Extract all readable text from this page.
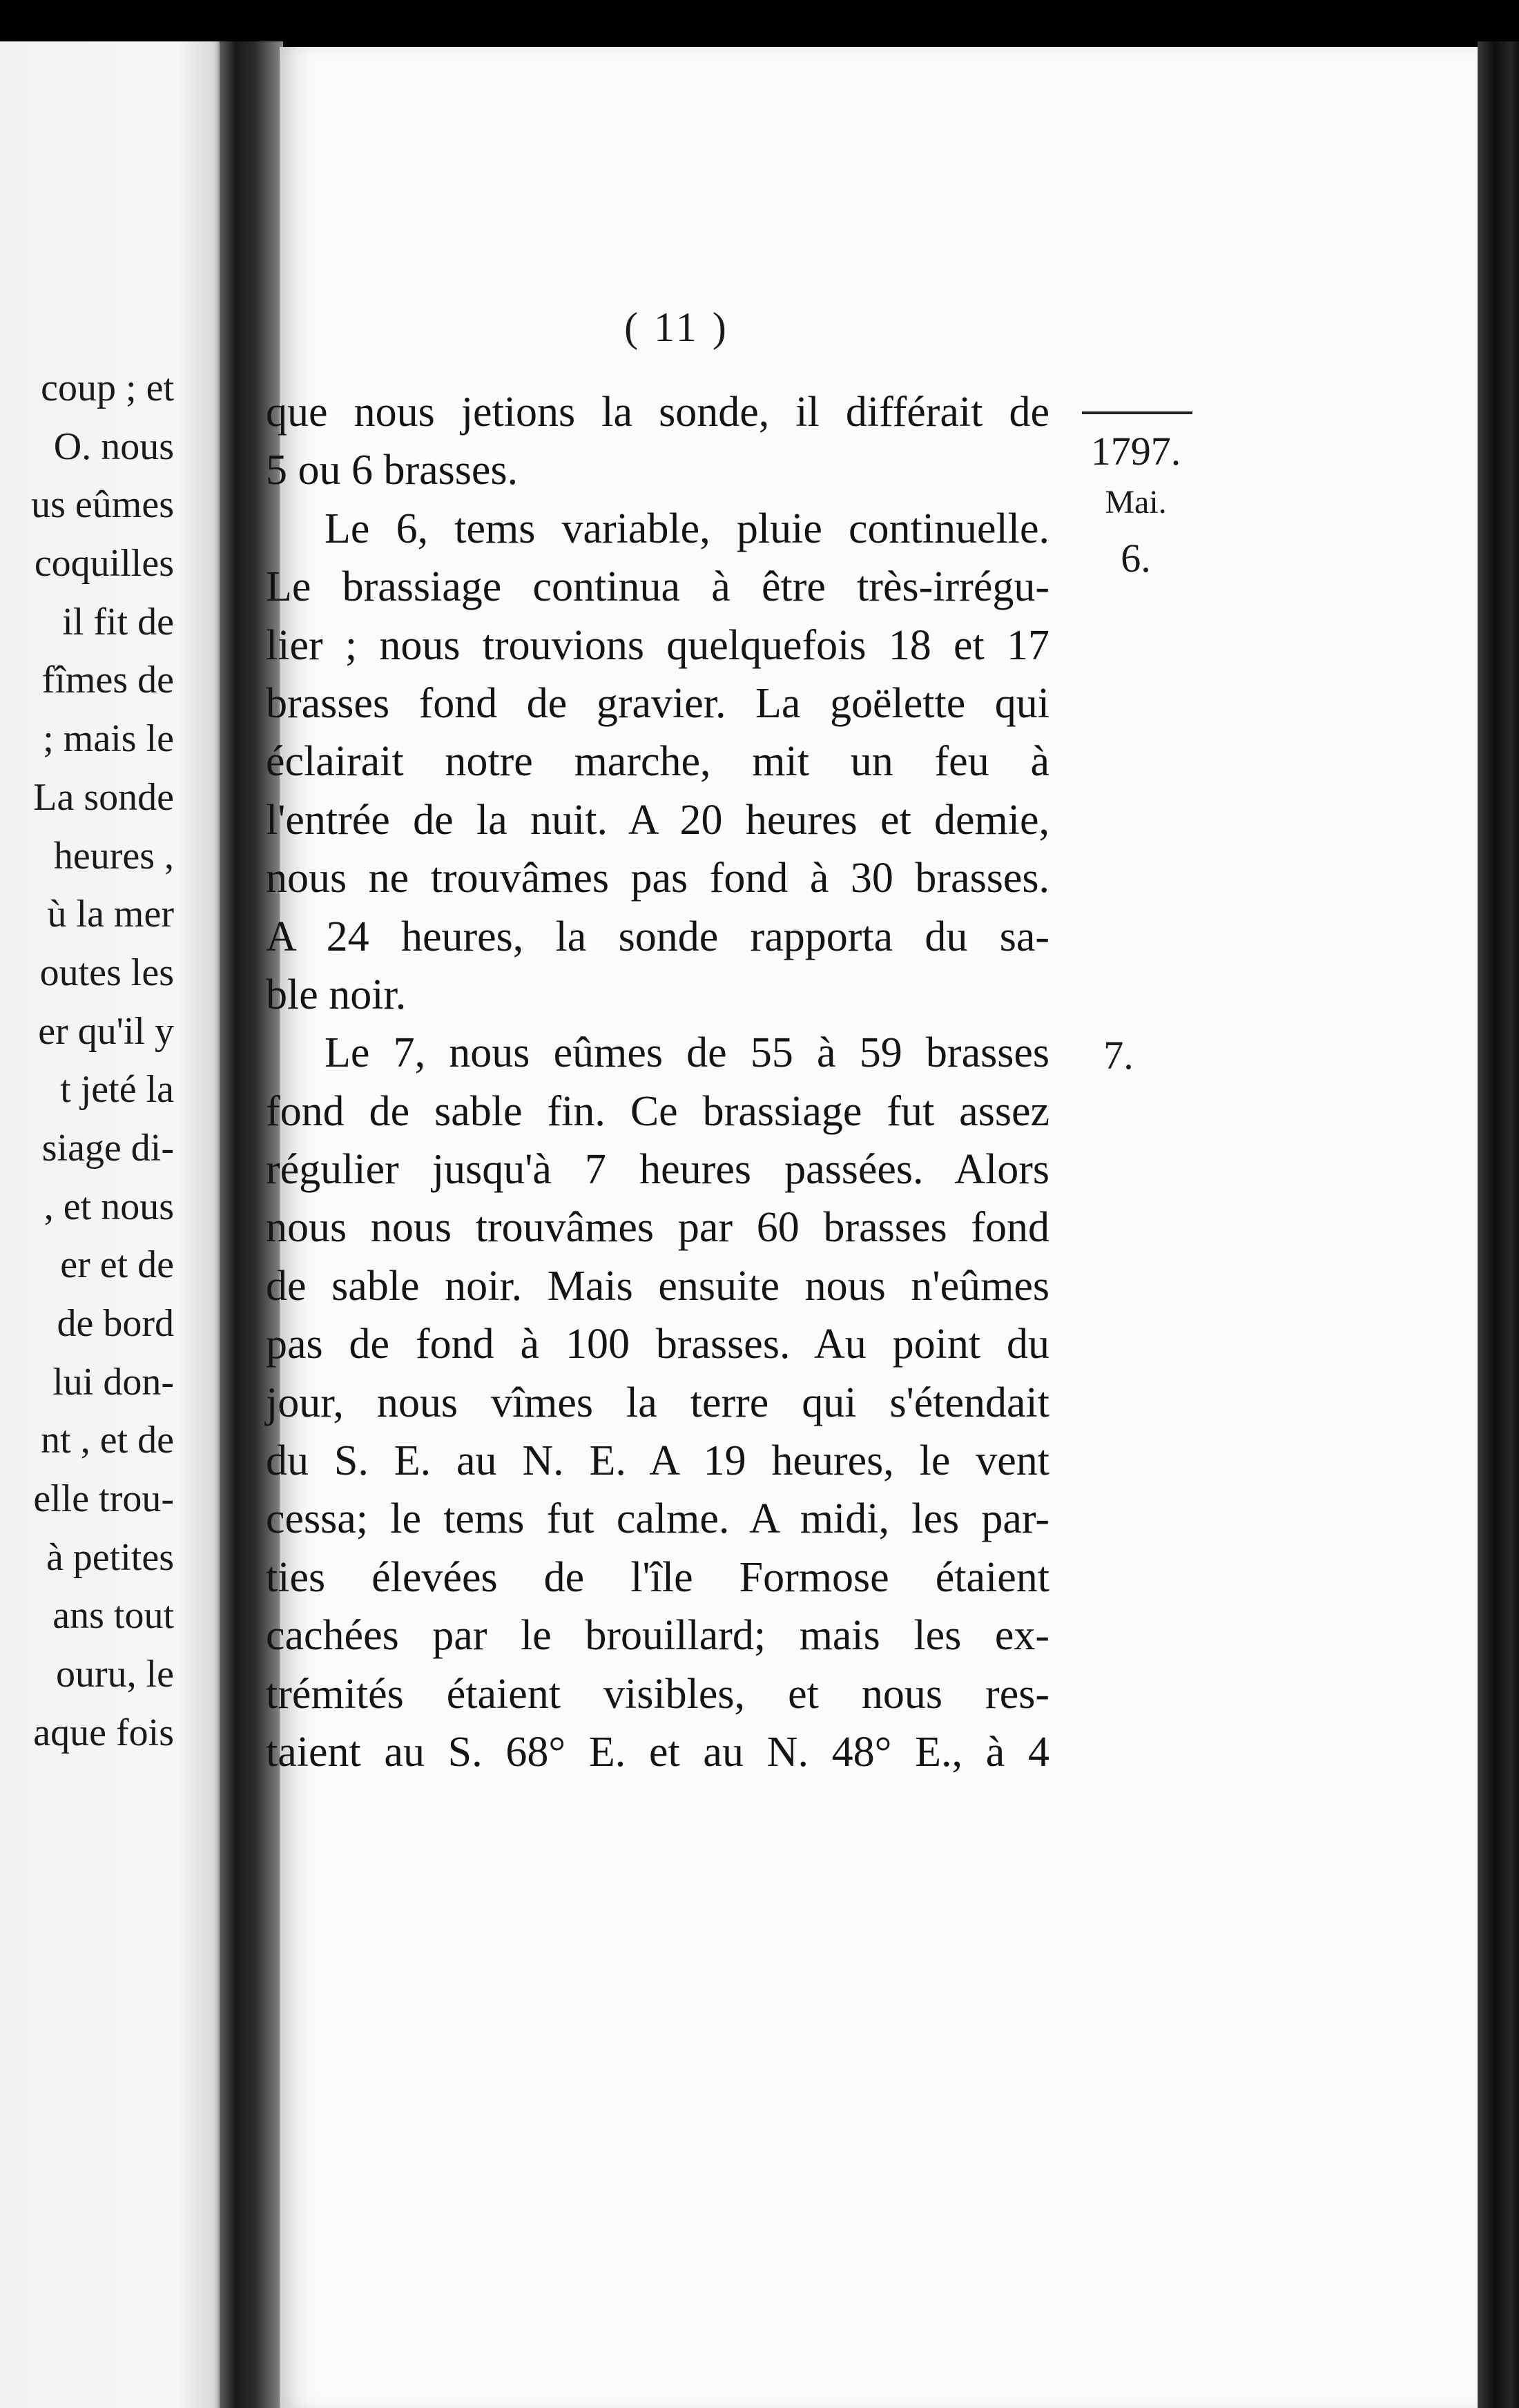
coup ; et
O. nous
us eûmes
coquilles
il fit de
fîmes de
; mais le
La sonde
heures ,
ù la mer
outes les
er qu'il y
t jeté la
siage di-
, et nous
er et de
de bord
lui don-
nt , et de
elle trou-
à petites
ans tout
ouru, le
aque fois
( 11 )
que nous jetions la sonde, il différait de
5 ou 6 brasses.
Le 6, tems variable, pluie continuelle.
Le brassiage continua à être très-irrégu-
lier ; nous trouvions quelquefois 18 et 17
brasses fond de gravier. La goëlette qui
éclairait notre marche, mit un feu à
l'entrée de la nuit. A 20 heures et demie,
nous ne trouvâmes pas fond à 30 brasses.
A 24 heures, la sonde rapporta du sa-
ble noir.
Le 7, nous eûmes de 55 à 59 brasses
fond de sable fin. Ce brassiage fut assez
régulier jusqu'à 7 heures passées. Alors
nous nous trouvâmes par 60 brasses fond
de sable noir. Mais ensuite nous n'eûmes
pas de fond à 100 brasses. Au point du
jour, nous vîmes la terre qui s'étendait
du S. E. au N. E. A 19 heures, le vent
cessa; le tems fut calme. A midi, les par-
ties élevées de l'île Formose étaient
cachées par le brouillard; mais les ex-
trémités étaient visibles, et nous res-
taient au S. 68° E. et au N. 48° E., à 4
1797.
Mai.
6.
7.
